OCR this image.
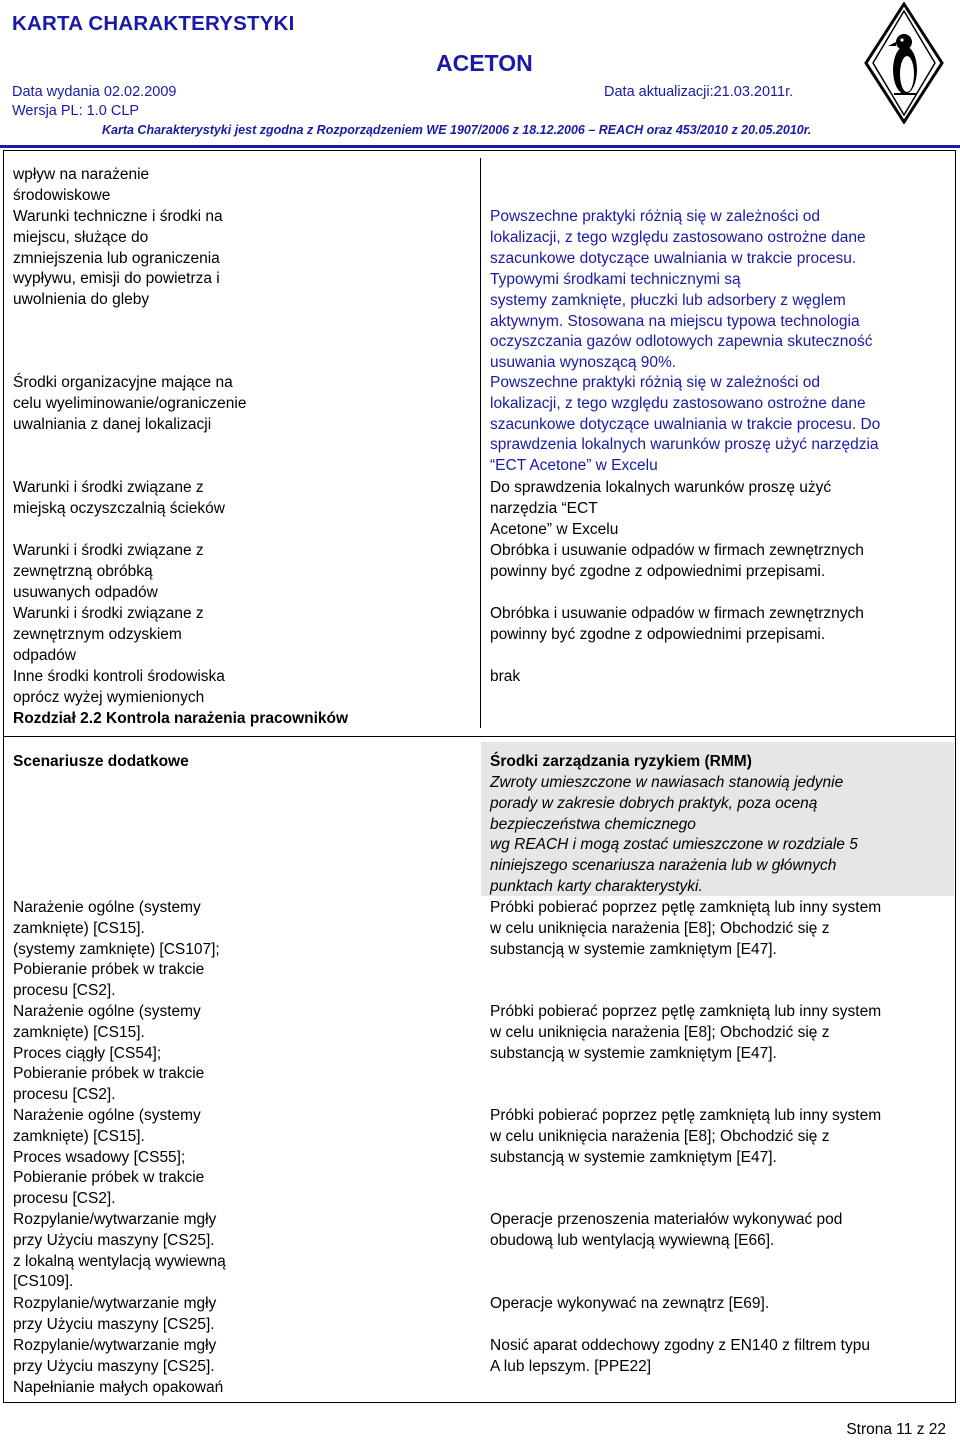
KARTA CHARAKTERYSTYKI
ACETON
Data wydania 02.02.2009	Data aktualizacji:21.03.2011r.
Wersja PL: 1.0 CLP
Karta Charakterystyki jest zgodna z Rozporządzeniem WE 1907/2006 z 18.12.2006 – REACH oraz 453/2010 z 20.05.2010r.
wpływ na narażenie
środowiskowe
Warunki techniczne i środki na
miejscu, służące do
zmniejszenia lub ograniczenia
wypływu, emisji do powietrza i
uwolnienia do gleby
Środki organizacyjne mające na
celu wyeliminowanie/ograniczenie
uwalniania z danej lokalizacji
Warunki i środki związane z
miejską oczyszczalnią ścieków
Warunki i środki związane z
zewnętrzną obróbką
usuwanych odpadów
Warunki i środki związane z
zewnętrznym odzyskiem
odpadów
Inne środki kontroli środowiska
oprócz wyżej wymienionych
Rozdział 2.2 Kontrola narażenia pracowników
Powszechne praktyki różnią się w zależności od
lokalizacji, z tego względu zastosowano ostrożne dane
szacunkowe dotyczące uwalniania w trakcie procesu.
Typowymi środkami technicznymi są
systemy zamknięte, płuczki lub adsorbery z węglem
aktywnym. Stosowana na miejscu typowa technologia
oczyszczania gazów odlotowych zapewnia skuteczność
usuwania wynoszącą 90%.
Powszechne praktyki różnią się w zależności od
lokalizacji, z tego względu zastosowano ostrożne dane
szacunkowe dotyczące uwalniania w trakcie procesu. Do
sprawdzenia lokalnych warunków proszę użyć narzędzia
“ECT Acetone” w Excelu
Do sprawdzenia lokalnych warunków proszę użyć
narzędzia “ECT
Acetone” w Excelu
Obróbka i usuwanie odpadów w firmach zewnętrznych
powinny być zgodne z odpowiednimi przepisami.
Obróbka i usuwanie odpadów w firmach zewnętrznych
powinny być zgodne z odpowiednimi przepisami.
brak
Scenariusze dodatkowe
Narażenie ogólne (systemy
zamknięte) [CS15].
(systemy zamknięte) [CS107];
Pobieranie próbek w trakcie
procesu [CS2].
Narażenie ogólne (systemy
zamknięte) [CS15].
Proces ciągły [CS54];
Pobieranie próbek w trakcie
procesu [CS2].
Narażenie ogólne (systemy
zamknięte) [CS15].
Proces wsadowy [CS55];
Pobieranie próbek w trakcie
procesu [CS2].
Rozpylanie/wytwarzanie mgły
przy Użyciu maszyny [CS25].
z lokalną wentylacją wywiewną
[CS109].
Rozpylanie/wytwarzanie mgły
przy Użyciu maszyny [CS25].
Rozpylanie/wytwarzanie mgły
przy Użyciu maszyny [CS25].
Napełnianie małych opakowań
Środki zarządzania ryzykiem (RMM)
Zwroty umieszczone w nawiasach stanowią jedynie
porady w zakresie dobrych praktyk, poza oceną
bezpieczeństwa chemicznego
wg REACH i mogą zostać umieszczone w rozdziale 5
niniejszego scenariusza narażenia lub w głównych
punktach karty charakterystyki.
Próbki pobierać poprzez pętlę zamkniętą lub inny system
w celu uniknięcia narażenia [E8]; Obchodzić się z
substancją w systemie zamkniętym [E47].
Próbki pobierać poprzez pętlę zamkniętą lub inny system
w celu uniknięcia narażenia [E8]; Obchodzić się z
substancją w systemie zamkniętym [E47].
Próbki pobierać poprzez pętlę zamkniętą lub inny system
w celu uniknięcia narażenia [E8]; Obchodzić się z
substancją w systemie zamkniętym [E47].
Operacje przenoszenia materiałów wykonywać pod
obudową lub wentylacją wywiewną [E66].
Operacje wykonywać na zewnątrz [E69].
Nosić aparat oddechowy zgodny z EN140 z filtrem typu
A lub lepszym. [PPE22]
Strona 11 z 22
